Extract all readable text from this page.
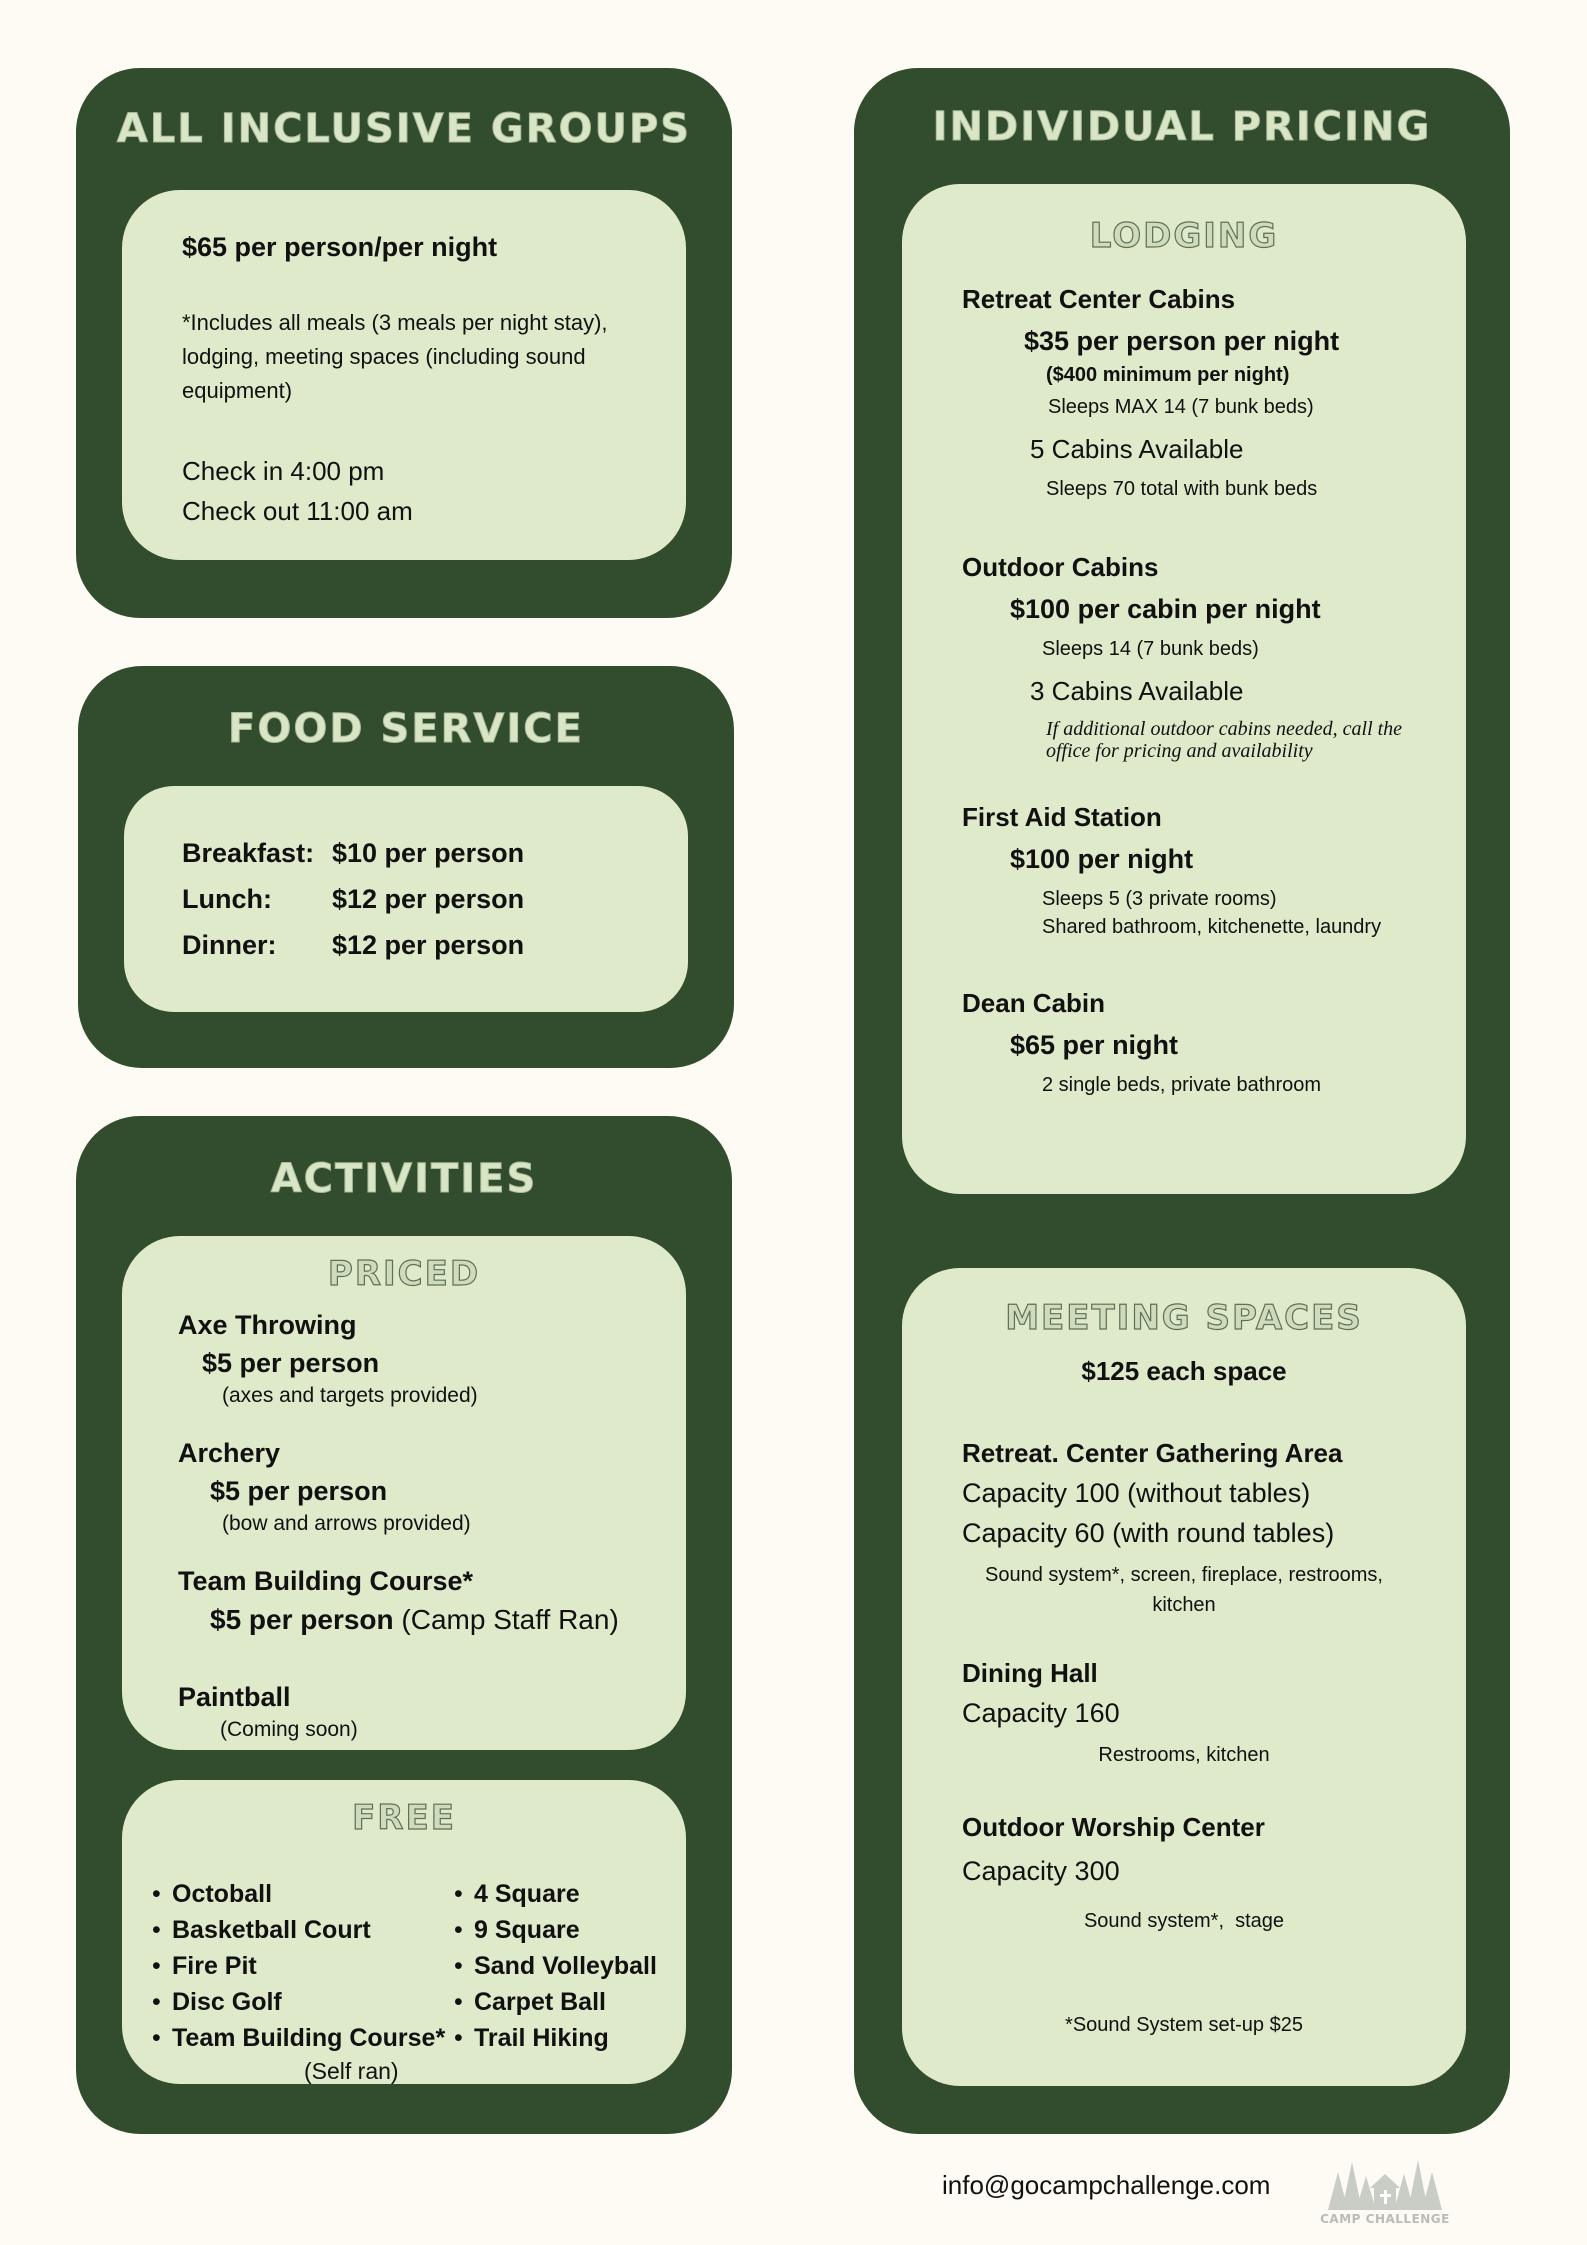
ALL INCLUSIVE GROUPS
$65 per person/per night
*Includes all meals (3 meals per night stay), lodging, meeting spaces (including sound equipment)
Check in 4:00 pm
Check out 11:00 am
FOOD SERVICE
Breakfast: $10 per person
Lunch: $12 per person
Dinner: $12 per person
ACTIVITIES
PRICED
Axe Throwing
$5 per person
(axes and targets provided)
Archery
$5 per person
(bow and arrows provided)
Team Building Course*
$5 per person (Camp Staff Ran)
Paintball
(Coming soon)
FREE
• Octoball
• Basketball Court
• Fire Pit
• Disc Golf
• Team Building Course*
(Self ran)
• 4 Square
• 9 Square
• Sand Volleyball
• Carpet Ball
• Trail Hiking
INDIVIDUAL PRICING
LODGING
Retreat Center Cabins
$35 per person per night
($400 minimum per night)
Sleeps MAX 14 (7 bunk beds)
5 Cabins Available
Sleeps 70 total with bunk beds
Outdoor Cabins
$100 per cabin per night
Sleeps 14 (7 bunk beds)
3 Cabins Available
If additional outdoor cabins needed, call the office for pricing and availability
First Aid Station
$100 per night
Sleeps 5 (3 private rooms)
Shared bathroom, kitchenette, laundry
Dean Cabin
$65 per night
2 single beds, private bathroom
MEETING SPACES
$125 each space
Retreat. Center Gathering Area
Capacity 100 (without tables)
Capacity 60 (with round tables)
Sound system*, screen, fireplace, restrooms, kitchen
Dining Hall
Capacity 160
Restrooms, kitchen
Outdoor Worship Center
Capacity 300
Sound system*,  stage
*Sound System set-up $25
info@gocampchallenge.com
CAMP CHALLENGE
